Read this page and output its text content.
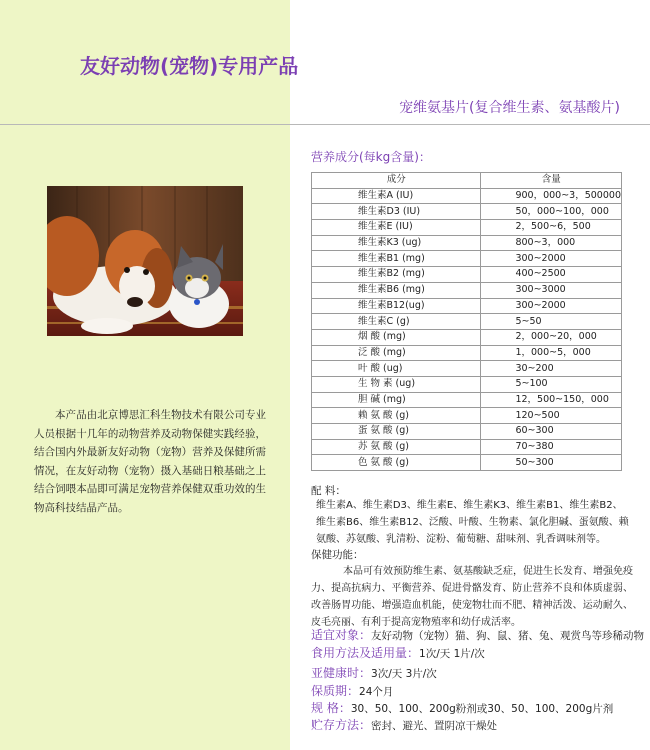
友好动物(宠物)专用产品
宠维氨基片(复合维生素、氨基酸片)
本产品由北京博思汇科生物技术有限公司专业人员根据十几年的动物营养及动物保健实践经验，结合国内外最新友好动物（宠物）营养及保健所需情况，在友好动物（宠物）摄入基础日粮基础之上结合饲喂本品即可满足宠物营养保健双重功效的生物高科技结晶产品。
营养成分(每kg含量)：
成分	含量
维生素A (IU)	900，000~3，500000
维生素D3 (IU)	50，000~100，000
维生素E (IU)	2，500~6，500
维生素K3 (ug)	800~3，000
维生素B1 (mg)	300~2000
维生素B2 (mg)	400~2500
维生素B6 (mg)	300~3000
维生素B12(ug)	300~2000
维生素C (g)	5~50
烟 酸 (mg)	2，000~20，000
泛 酸 (mg)	1，000~5，000
叶 酸 (ug)	30~200
生 物 素 (ug)	5~100
胆 碱 (mg)	12，500~150，000
赖 氨 酸 (g)	120~500
蛋 氨 酸 (g)	60~300
苏 氨 酸 (g)	70~380
色 氨 酸 (g)	50~300
配 料：
维生素A、维生素D3、维生素E、维生素K3、维生素B1、维生素B2、维生素B6、维生素B12、泛酸、叶酸、生物素、氯化胆碱、蛋氨酸、赖氨酸、苏氨酸、乳清粉、淀粉、葡萄糖、甜味剂、乳香调味剂等。
保健功能：
本品可有效预防维生素、氨基酸缺乏症，促进生长发育、增强免疫力、提高抗病力、平衡营养、促进骨骼发育、防止营养不良和体质虚弱、改善肠胃功能、增强造血机能，使宠物壮而不肥、精神活泼、运动耐久、皮毛亮丽、有利于提高宠物殖率和幼仔成活率。
适宜对象：友好动物（宠物）猫、狗、鼠、猪、兔、观赏鸟等珍稀动物
食用方法及适用量：1次/天 1片/次
亚健康时：3次/天 3片/次
保质期：24个月
规 格：30、50、100、200g粉剂或30、50、100、200g片剂
贮存方法：密封、避光、置阴凉干燥处
